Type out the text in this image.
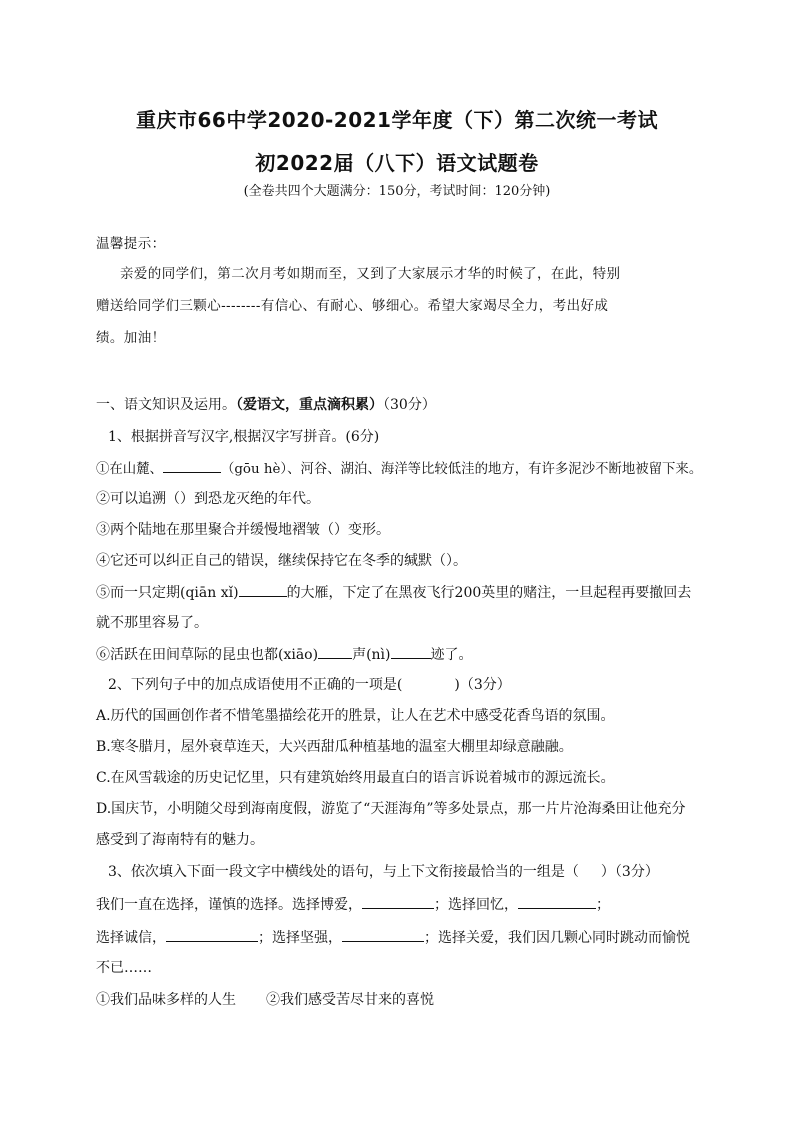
重庆市66中学2020-2021学年度（下）第二次统一考试
初2022届（八下）语文试题卷
(全卷共四个大题满分：150分，考试时间：120分钟)
温馨提示：
亲爱的同学们，第二次月考如期而至，又到了大家展示才华的时候了，在此，特别
赠送给同学们三颗心--------有信心、有耐心、够细心。希望大家竭尽全力，考出好成
绩。加油！
一、语文知识及运用。（爱语文，重点滴积累）（30分）
1、根据拼音写汉字,根据汉字写拼音。(6分)
①在山麓、	（gōu hè）、河谷、湖泊、海洋等比较低洼的地方，有许多泥沙不断地被留下来。
②可以追溯（）到恐龙灭绝的年代。
③两个陆地在那里聚合并缓慢地褶皱（）变形。
④它还可以纠正自己的错误，继续保持它在冬季的缄默（）。
⑤而一只定期(qiān xǐ)	的大雁，下定了在黑夜飞行200英里的赌注，一旦起程再要撤回去
就不那里容易了。
⑥活跃在田间草际的昆虫也都(xiāo) 声(nì)	迹了。
2、下列句子中的加点成语使用不正确的一项是(	)（3分）
A.历代的国画创作者不惜笔墨描绘花开的胜景，让人在艺术中感受花香鸟语的氛围。
B.寒冬腊月，屋外衰草连天，大兴西甜瓜种植基地的温室大棚里却绿意融融。
C.在风雪载途的历史记忆里，只有建筑始终用最直白的语言诉说着城市的源远流长。
D.国庆节，小明随父母到海南度假，游览了“天涯海角”等多处景点，那一片片沧海桑田让他充分
感受到了海南特有的魅力。
3、依次填入下面一段文字中横线处的语句，与上下文衔接最恰当的一组是（ ）（3分）
我们一直在选择，谨慎的选择。选择博爱，	；选择回忆，	；
选择诚信，	；选择坚强，	；选择关爱，我们因几颗心同时跳动而愉悦
不已……
①我们品味多样的人生 ②我们感受苦尽甘来的喜悦
